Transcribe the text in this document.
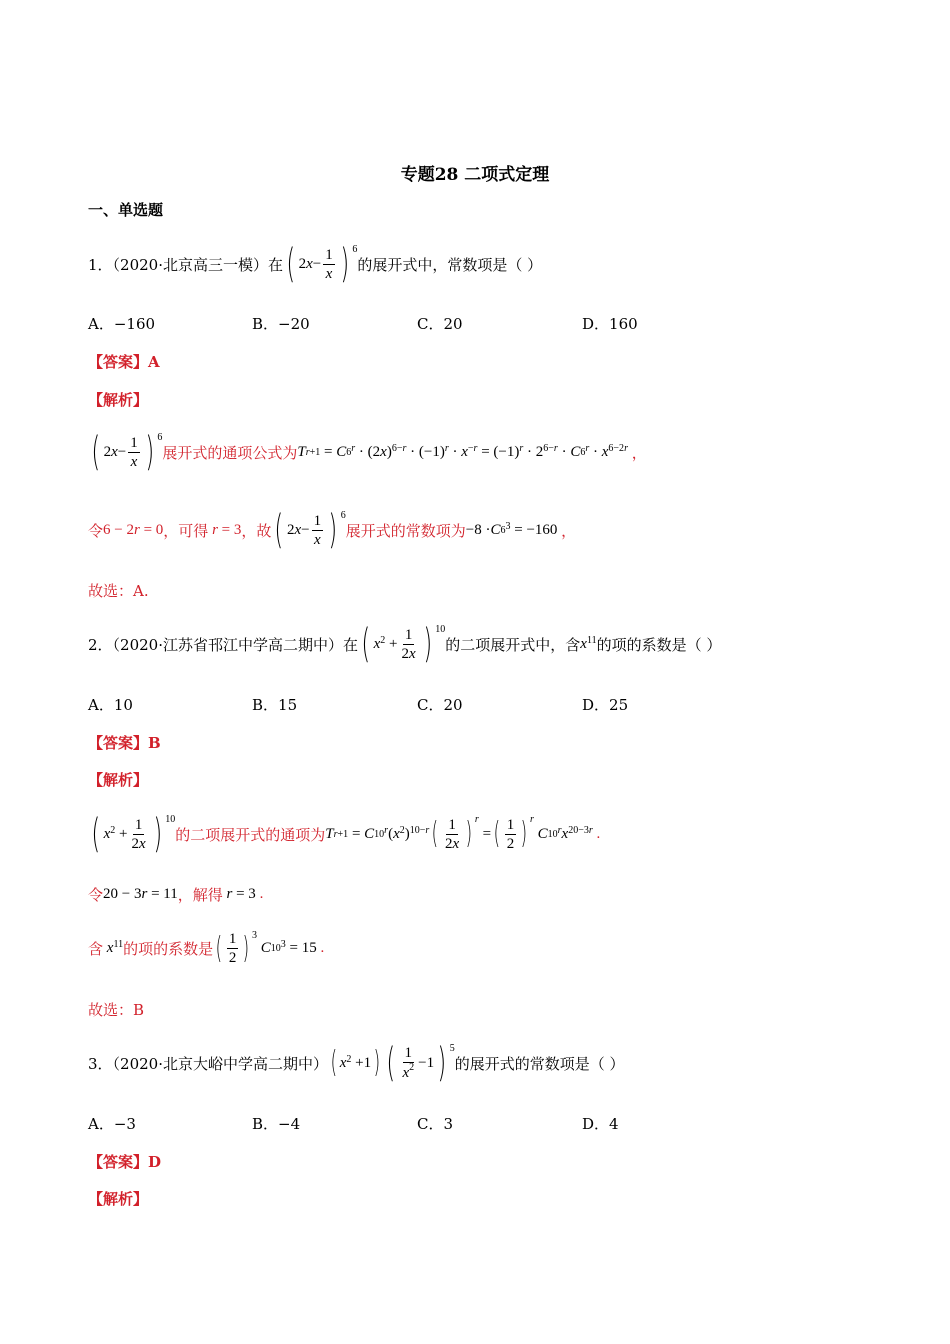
专题28 二项式定理
一、单选题
1．（2020·北京高三一模）在 ( 2 $x - \frac{1}{x}$ ) 6
的展开式中，常数项是（ ）
A．−160	B．−20	C．20	D．160
【答案】A
【解析】
( 2 $x - \frac{1}{x}$ ) 6
展开式的通项公式为 T r +1 = C $6^r \cdot (2$ x )$^{6-r} \cdot (-1)^r \cdot x^{-r} = (-1)^r \cdot 2^{6-r} \cdot C$ $6^r \cdot x^{6-2r}$ ，
令 6 − 2 r = 0 ，可得 r = 3 ，故 ( 2 $x - \frac{1}{x}$ ) 6
展开式的常数项为 −8 · C $6^3 = -160$ ，
故选：A.
2．（2020·江苏省邗江中学高二期中）在 ( $x^2 + \frac{1}{2x}$ ) 10
的二项展开式中，含 $x^{11}$ 的项的系数是（ ）
A．10	B．15	C．20	D．25
【答案】B
【解析】
( $x^2 + \frac{1}{2x}$ ) 10
的二项展开式的通项为 T r +1 = C 10$^r$ ( $x^2$ )$^{10-r}$ ( $\frac{1}{2x}$ ) r
= ( $\frac{1}{2}$ ) r
C 10$^r$ $x^{20-3r}$ .
令 20 − 3 r = 11 ，解得 r = 3 .
含 $x^{11}$ 的项的系数是 ( $\frac{1}{2}$ ) 3
C $10^3 = 15$ .
故选：B
3．（2020·北京大峪中学高二期中） ( $x^2 +1$ ) ( $\frac{1}{x^2} -1$ ) 5
的展开式的常数项是（ ）
A．−3	B．−4	C．3	D．4
【答案】D
【解析】
